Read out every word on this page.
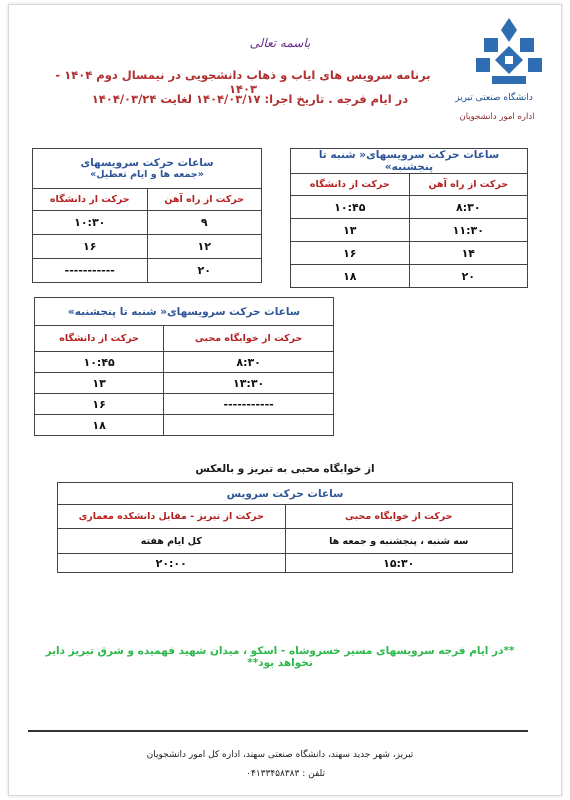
باسمه تعالی
دانشگاه صنعتی تبریز
اداره امور دانشجویان
برنامه سرویس های ایاب و ذهاب دانشجویی در نیمسال دوم ۱۴۰۴ - ۱۴۰۳
در ایام فرجه . تاریخ اجرا: ۱۴۰۴/۰۳/۱۷ لغایت ۱۴۰۴/۰۳/۲۴
ساعات حرکت سرویسهای« شنبه تا پنجشنبه»	
حرکت از راه آهن	حرکت از دانشگاه
۸:۳۰	۱۰:۴۵
۱۱:۳۰	۱۳
۱۴	۱۶
۲۰	۱۸
ساعات حرکت سرویسهای
«جمعه ها و ایام تعطیل»	

حرکت از راه آهن	حرکت از دانشگاه
۹	۱۰:۳۰
۱۲	۱۶
۲۰	-----------
ساعات حرکت سرویسهای« شنبه تا پنجشنبه»	
حرکت از خوابگاه محبی	حرکت از دانشگاه
۸:۳۰	۱۰:۴۵
۱۳:۳۰	۱۳
-----------	۱۶
	۱۸
از خوابگاه محبی به تبریز و بالعکس
ساعات حرکت سرویس	
حرکت از خوابگاه محبی	حرکت از تبریز - مقابل دانشکده معماری
سه شنبه ، پنجشنبه و جمعه ها	کل ایام هفته
۱۵:۳۰	۲۰:۰۰
**در ایام فرجه سرویسهای مسیر خسروشاه - اسکو ، میدان شهید فهمیده و شرق تبریز دایر نخواهد بود**
تبریز، شهر جدید سهند، دانشگاه صنعتی سهند، اداره کل امور دانشجویان
تلفن : ۰۴۱۳۳۴۵۸۳۸۳
